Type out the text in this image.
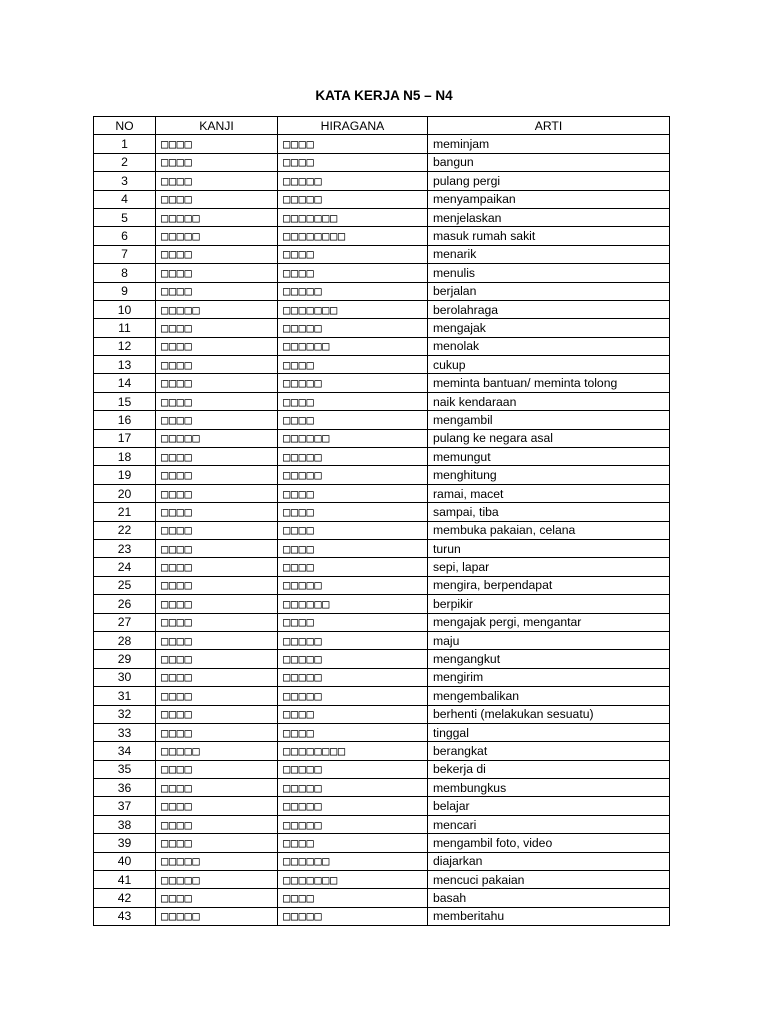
KATA KERJA N5 – N4
NO	KANJI	HIRAGANA	ARTI
1	□□□□	□□□□	meminjam
2	□□□□	□□□□	bangun
3	□□□□	□□□□□	pulang pergi
4	□□□□	□□□□□	menyampaikan
5	□□□□□	□□□□□□□	menjelaskan
6	□□□□□	□□□□□□□□	masuk rumah sakit
7	□□□□	□□□□	menarik
8	□□□□	□□□□	menulis
9	□□□□	□□□□□	berjalan
10	□□□□□	□□□□□□□	berolahraga
11	□□□□	□□□□□	mengajak
12	□□□□	□□□□□□	menolak
13	□□□□	□□□□	cukup
14	□□□□	□□□□□	meminta bantuan/ meminta tolong
15	□□□□	□□□□	naik kendaraan
16	□□□□	□□□□	mengambil
17	□□□□□	□□□□□□	pulang ke negara asal
18	□□□□	□□□□□	memungut
19	□□□□	□□□□□	menghitung
20	□□□□	□□□□	ramai, macet
21	□□□□	□□□□	sampai, tiba
22	□□□□	□□□□	membuka pakaian, celana
23	□□□□	□□□□	turun
24	□□□□	□□□□	sepi, lapar
25	□□□□	□□□□□	mengira, berpendapat
26	□□□□	□□□□□□	berpikir
27	□□□□	□□□□	mengajak pergi, mengantar
28	□□□□	□□□□□	maju
29	□□□□	□□□□□	mengangkut
30	□□□□	□□□□□	mengirim
31	□□□□	□□□□□	mengembalikan
32	□□□□	□□□□	berhenti (melakukan sesuatu)
33	□□□□	□□□□	tinggal
34	□□□□□	□□□□□□□□	berangkat
35	□□□□	□□□□□	bekerja di
36	□□□□	□□□□□	membungkus
37	□□□□	□□□□□	belajar
38	□□□□	□□□□□	mencari
39	□□□□	□□□□	mengambil foto, video
40	□□□□□	□□□□□□	diajarkan
41	□□□□□	□□□□□□□	mencuci pakaian
42	□□□□	□□□□	basah
43	□□□□□	□□□□□	memberitahu
